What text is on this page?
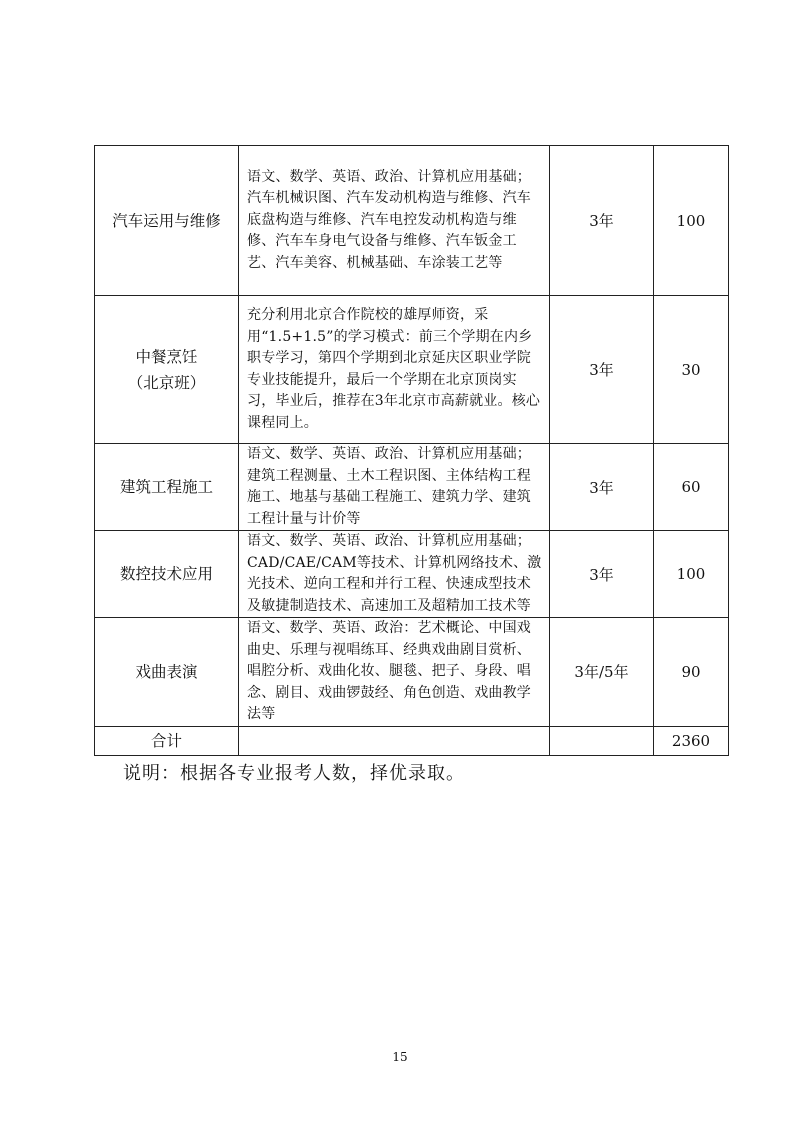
汽车运用与维修	语文、数学、英语、政治、计算机应用基础；汽车机械识图、汽车发动机构造与维修、汽车底盘构造与维修、汽车电控发动机构造与维修、汽车车身电气设备与维修、汽车钣金工艺、汽车美容、机械基础、车涂装工艺等	3年	100

中餐烹饪
（北京班）	充分利用北京合作院校的雄厚师资，采用“1.5+1.5”的学习模式：前三个学期在内乡职专学习，第四个学期到北京延庆区职业学院专业技能提升，最后一个学期在北京顶岗实习，毕业后，推荐在3年北京市高薪就业。核心课程同上。	3年	30

建筑工程施工	语文、数学、英语、政治、计算机应用基础；建筑工程测量、土木工程识图、主体结构工程施工、地基与基础工程施工、建筑力学、建筑工程计量与计价等	3年	60

数控技术应用	语文、数学、英语、政治、计算机应用基础；CAD/CAE/CAM等技术、计算机网络技术、激光技术、逆向工程和并行工程、快速成型技术及敏捷制造技术、高速加工及超精加工技术等	3年	100

戏曲表演	语文、数学、英语、政治：艺术概论、中国戏曲史、乐理与视唱练耳、经典戏曲剧目赏析、唱腔分析、戏曲化妆、腿毯、把子、身段、唱念、剧目、戏曲锣鼓经、角色创造、戏曲教学法等	3年/5年	90
合计			2360
说明：根据各专业报考人数，择优录取。
15
